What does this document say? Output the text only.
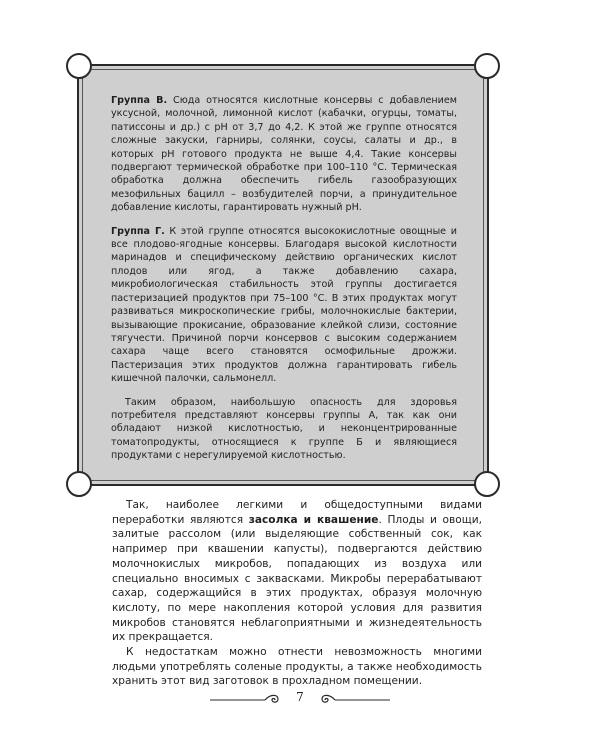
Группа В. Сюда относятся кислотные консервы с добавлением уксусной, молочной, лимонной кислот (кабачки, огурцы, томаты, патиссоны и др.) с рН от 3,7 до 4,2. К этой же группе относятся сложные закуски, гарниры, солянки, соусы, салаты и др., в которых рН готового продукта не выше 4,4. Такие консервы подвергают термической обработке при 100–110 °С. Термическая обработка должна обеспечить гибель газообразующих мезофильных бацилл – возбудителей порчи, а принудительное добавление кислоты, гарантировать нужный рН.

Группа Г. К этой группе относятся высококислотные овощные и все плодово-ягодные консервы. Благодаря высокой кислотности маринадов и специфическому действию органических кислот плодов или ягод, а также добавлению сахара, микробиологическая стабильность этой группы достигается пастеризацией продуктов при 75–100 °С. В этих продуктах могут развиваться микроскопические грибы, молочнокислые бактерии, вызывающие прокисание, образование клейкой слизи, состояние тягучести. Причиной порчи консервов с высоким содержанием сахара чаще всего становятся осмофильные дрожжи. Пастеризация этих продуктов должна гарантировать гибель кишечной палочки, сальмонелл.

Таким образом, наибольшую опасность для здоровья потребителя представляют консервы группы А, так как они обладают низкой кислотностью, и неконцентрированные томатопродукты, относящиеся к группе Б и являющиеся продуктами с нерегулируемой кислотностью.

Так, наиболее легкими и общедоступными видами переработки являются засолка и квашение. Плоды и овощи, залитые рассолом (или выделяющие собственный сок, как например при квашении капусты), подвергаются действию молочнокислых микробов, попадающих из воздуха или специально вносимых с заквасками. Микробы перерабатывают сахар, содержащийся в этих продуктах, образуя молочную кислоту, по мере накопления которой условия для развития микробов становятся неблагоприятными и жизнедеятельность их прекращается.

К недостаткам можно отнести невозможность многими людьми употреблять соленые продукты, а также необходимость хранить этот вид заготовок в прохладном помещении.

7
